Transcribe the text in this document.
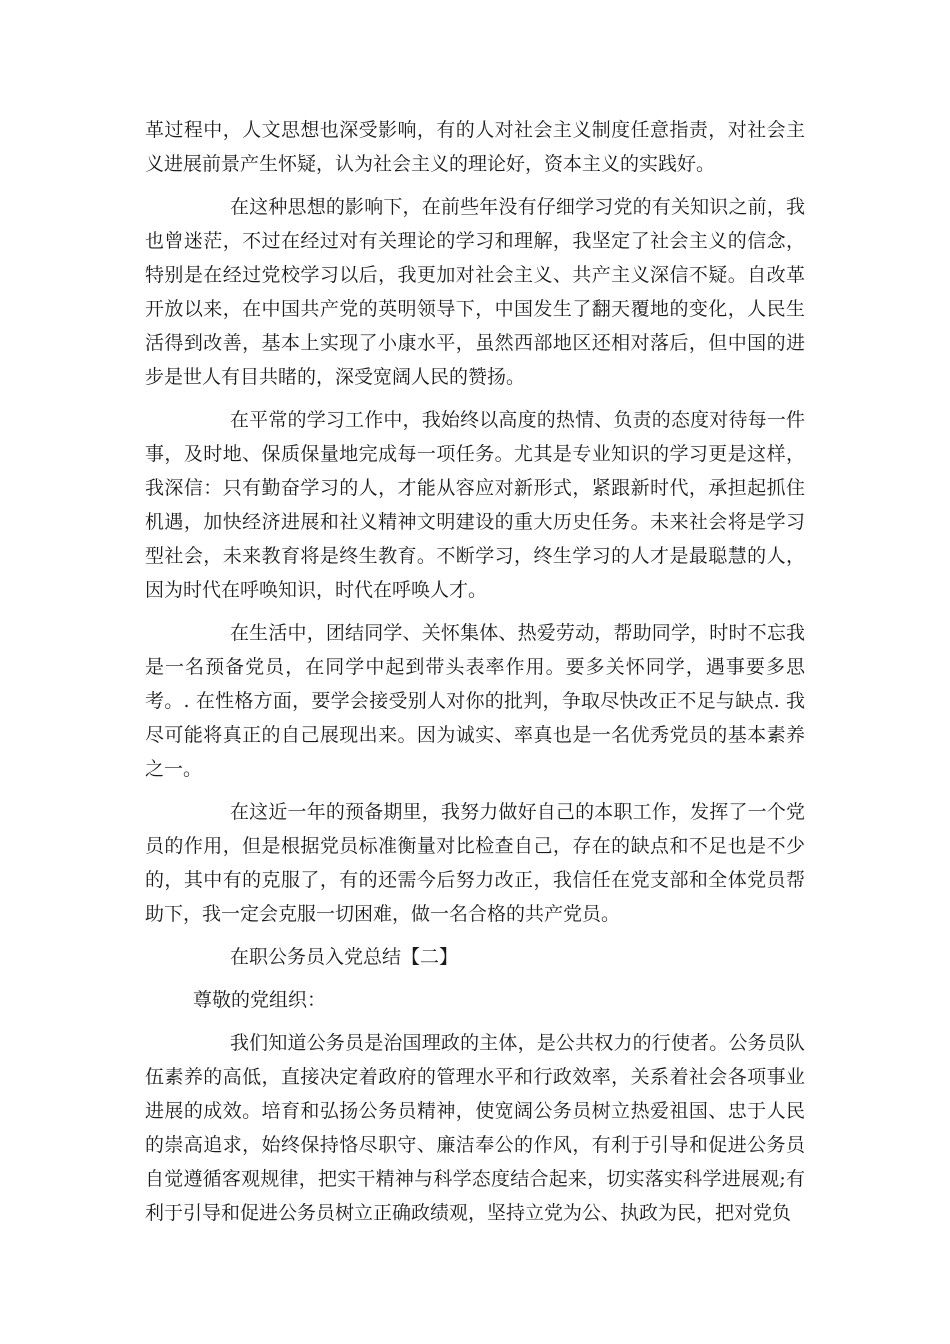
革过程中，人文思想也深受影响，有的人对社会主义制度任意指责，对社会主义进展前景产生怀疑，认为社会主义的理论好，资本主义的实践好。

在这种思想的影响下，在前些年没有仔细学习党的有关知识之前，我也曾迷茫，不过在经过对有关理论的学习和理解，我坚定了社会主义的信念，特别是在经过党校学习以后，我更加对社会主义、共产主义深信不疑。自改革开放以来，在中国共产党的英明领导下，中国发生了翻天覆地的变化，人民生活得到改善，基本上实现了小康水平，虽然西部地区还相对落后，但中国的进步是世人有目共睹的，深受宽阔人民的赞扬。

在平常的学习工作中，我始终以高度的热情、负责的态度对待每一件事，及时地、保质保量地完成每一项任务。尤其是专业知识的学习更是这样，我深信：只有勤奋学习的人，才能从容应对新形式，紧跟新时代，承担起抓住机遇，加快经济进展和社义精神文明建设的重大历史任务。未来社会将是学习型社会，未来教育将是终生教育。不断学习，终生学习的人才是最聪慧的人，因为时代在呼唤知识，时代在呼唤人才。

在生活中，团结同学、关怀集体、热爱劳动，帮助同学，时时不忘我是一名预备党员，在同学中起到带头表率作用。要多关怀同学，遇事要多思考。. 在性格方面，要学会接受别人对你的批判，争取尽快改正不足与缺点. 我尽可能将真正的自己展现出来。因为诚实、率真也是一名优秀党员的基本素养之一。

在这近一年的预备期里，我努力做好自己的本职工作，发挥了一个党员的作用，但是根据党员标准衡量对比检查自己，存在的缺点和不足也是不少的，其中有的克服了，有的还需今后努力改正，我信任在党支部和全体党员帮助下，我一定会克服一切困难，做一名合格的共产党员。

在职公务员入党总结【二】

尊敬的党组织：

我们知道公务员是治国理政的主体，是公共权力的行使者。公务员队伍素养的高低，直接决定着政府的管理水平和行政效率，关系着社会各项事业进展的成效。培育和弘扬公务员精神，使宽阔公务员树立热爱祖国、忠于人民的崇高追求，始终保持恪尽职守、廉洁奉公的作风，有利于引导和促进公务员自觉遵循客观规律，把实干精神与科学态度结合起来，切实落实科学进展观;有利于引导和促进公务员树立正确政绩观，坚持立党为公、执政为民，把对党负
